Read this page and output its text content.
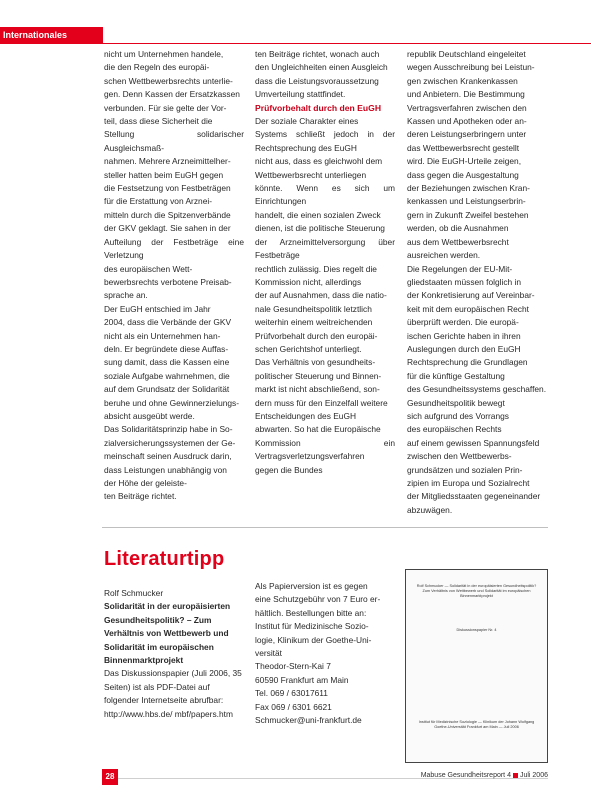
Internationales

nicht um Unternehmen handele,

die den Regeln des europäi-

schen Wettbewerbsrechts unterlie-

gen. Denn Kassen der Ersatzkassen

verbunden. Für sie gelte der Vor-

teil, dass diese Sicherheit die

Stellung solidarischer Ausgleichsmaß-

nahmen. Mehrere Arzneimittelher-

steller hatten beim EuGH gegen

die Festsetzung von Festbeträgen

für die Erstattung von Arznei-

mitteln durch die Spitzenverbände

der GKV geklagt. Sie sahen in der

Aufteilung der Festbeträge eine Verletzung

des europäischen Wett-

bewerbsrechts verbotene Preisab-

sprache an.

Der EuGH entschied im Jahr

2004, dass die Verbände der GKV

nicht als ein Unternehmen han-

deln. Er begründete diese Auffas-

sung damit, dass die Kassen eine

soziale Aufgabe wahrnehmen, die

auf dem Grundsatz der Solidarität

beruhe und ohne Gewinnerzielungs-

absicht ausgeübt werde.

Das Solidaritätsprinzip habe in So-

zialversicherungssystemen der Ge-

meinschaft seinen Ausdruck darin,

dass Leistungen unabhängig von

der Höhe der geleiste-

ten Beiträge richtet.

ten Beiträge richtet, wonach auch

den Ungleichheiten einen Ausgleich

dass die Leistungsvoraussetzung

Umverteilung stattfindet.

Prüfvorbehalt durch den EuGH

Der soziale Charakter eines

Systems schließt jedoch in der Rechtsprechung des EuGH

nicht aus, dass es gleichwohl dem

Wettbewerbsrecht unterliegen

könnte. Wenn es sich um Einrichtungen

handelt, die einen sozialen Zweck

dienen, ist die politische Steuerung

der Arzneimittelversorgung über Festbeträge

rechtlich zulässig. Dies regelt die

Kommission nicht, allerdings

der auf Ausnahmen, dass die natio-

nale Gesundheitspolitik letztlich

weiterhin einem weitreichenden

Prüfvorbehalt durch den europäi-

schen Gerichtshof unterliegt.

Das Verhältnis von gesundheits-

politischer Steuerung und Binnen-

markt ist nicht abschließend, son-

dern muss für den Einzelfall weitere

Entscheidungen des EuGH

abwarten. So hat die Europäische

Kommission ein Vertragsverletzungsverfahren

gegen die Bundes

republik Deutschland eingeleitet

wegen Ausschreibung bei Leistun-

gen zwischen Krankenkassen

und Anbietern. Die Bestimmung

Vertragsverfahren zwischen den

Kassen und Apotheken oder an-

deren Leistungserbringern unter

das Wettbewerbsrecht gestellt

wird. Die EuGH-Urteile zeigen,

dass gegen die Ausgestaltung

der Beziehungen zwischen Kran-

kenkassen und Leistungserbrin-

gern in Zukunft Zweifel bestehen

werden, ob die Ausnahmen

aus dem Wettbewerbsrecht

ausreichen werden.

Die Regelungen der EU-Mit-

gliedstaaten müssen folglich in

der Konkretisierung auf Vereinbar-

keit mit dem europäischen Recht

überprüft werden. Die europä-

ischen Gerichte haben in ihren

Auslegungen durch den EuGH

Rechtsprechung die Grundlagen

für die künftige Gestaltung

des Gesundheitssystems geschaffen.

Gesundheitspolitik bewegt

sich aufgrund des Vorrangs

des europäischen Rechts

auf einem gewissen Spannungsfeld

zwischen den Wettbewerbs-

grundsätzen und sozialen Prin-

zipien im Europa und Sozialrecht

der Mitgliedsstaaten gegeneinander

abzuwägen.

Literaturtipp

Rolf Schmucker

Solidarität in der europäisierten Gesundheitspolitik? – Zum Verhältnis von Wettbewerb und Solidarität im europäischen Binnenmarktprojekt

Das Diskussionspapier (Juli 2006, 35 Seiten) ist als PDF-Datei auf folgender Internetseite abrufbar: http://www.hbs.de/ mbf/papers.htm

Als Papierversion ist es gegen

eine Schutzgebühr von 7 Euro er-

hältlich. Bestellungen bitte an:

Institut für Medizinische Sozio-

logie, Klinikum der Goethe-Uni-

versität

Theodor-Stern-Kai 7

60590 Frankfurt am Main

Tel. 069 / 63017611

Fax 069 / 6301 6621

Schmucker@uni-frankfurt.de

Rolf Schmucker — Solidarität in der europäisierten Gesundheitspolitik? Zum Verhältnis von Wettbewerb und Solidarität im europäischen Binnenmarktprojekt
Diskussionspapier Nr. 4
Institut für Medizinische Soziologie — Klinikum der Johann Wolfgang Goethe-Universität Frankfurt am Main — Juli 2006
28	Mabuse Gesundheitsreport 4 Juli 2006
